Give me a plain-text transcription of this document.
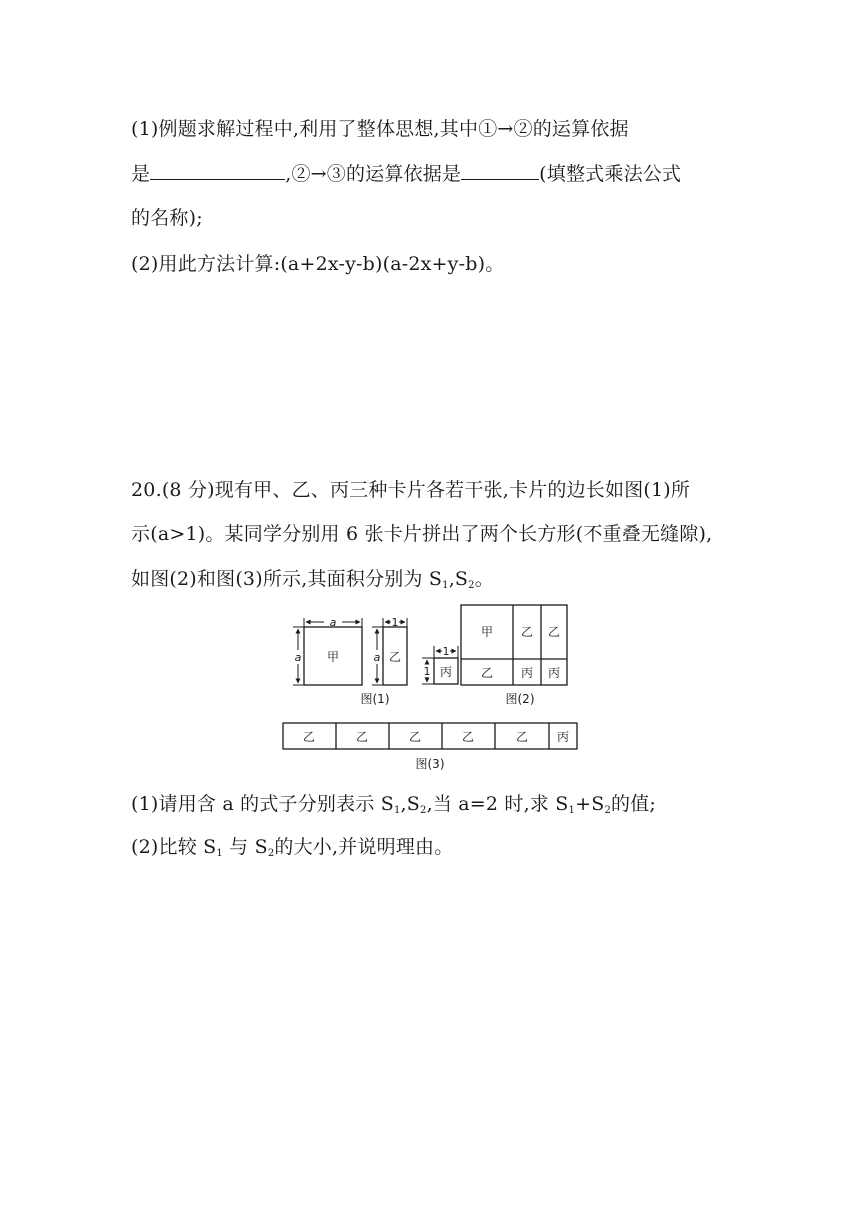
(1)例题求解过程中,利用了整体思想,其中①→②的运算依据
是	,②→③的运算依据是	(填整式乘法公式
的名称);
(2)用此方法计算:(a+2x-y-b)(a-2x+y-b)。
20.(8 分)现有甲、乙、丙三种卡片各若干张,卡片的边长如图(1)所
示(a>1)。某同学分别用 6 张卡片拼出了两个长方形(不重叠无缝隙),
如图(2)和图(3)所示,其面积分别为 $S_1,S_2$。
a
a 甲
1
a 乙
图(1)
1
1 丙
甲 乙 乙
乙 丙 丙
图(2)
乙	乙	乙	乙	乙 丙
图(3)
(1)请用含 a 的式子分别表示 $S_1,S_2$,当 a=2 时,求 $S_1+S_2$的值;
(2)比较 $S_1$ 与 $S_2$的大小,并说明理由。
